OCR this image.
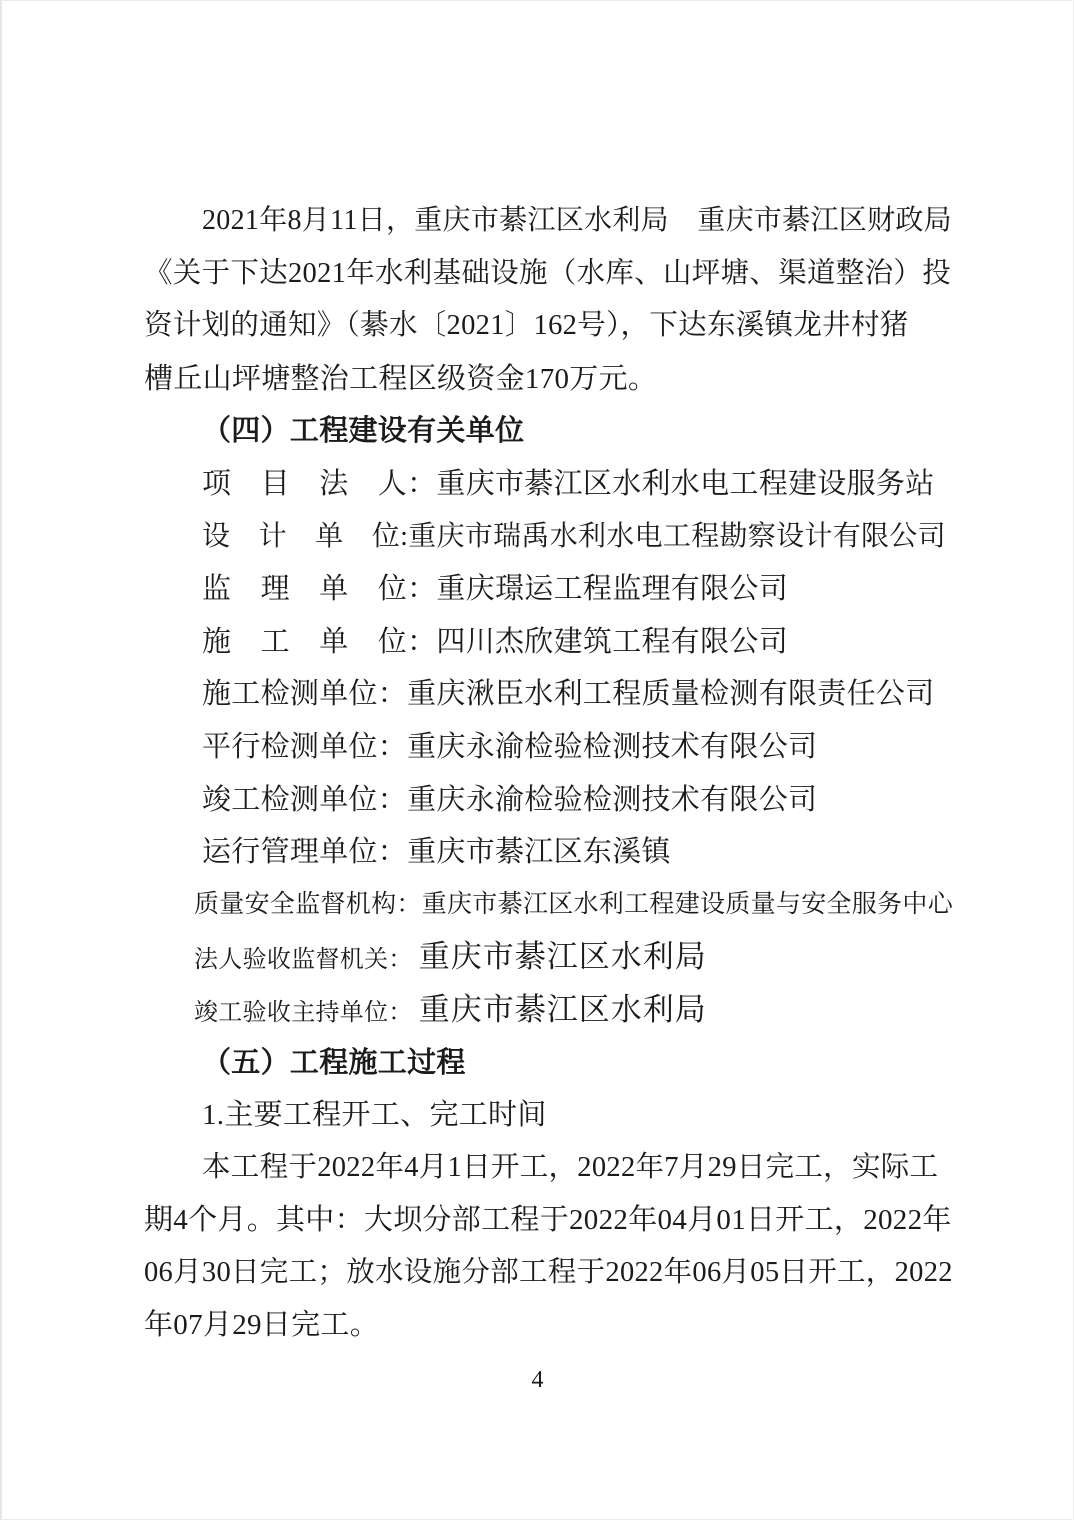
2021年8月11日，重庆市綦江区水利局　重庆市綦江区财政局
《关于下达2021年水利基础设施（水库、山坪塘、渠道整治）投
资计划的通知》（綦水〔2021〕162号），下达东溪镇龙井村猪
槽丘山坪塘整治工程区级资金170万元。
（四）工程建设有关单位
项　目　法　人：重庆市綦江区水利水电工程建设服务站
设　计　单　位:重庆市瑞禹水利水电工程勘察设计有限公司
监　理　单　位：重庆璟运工程监理有限公司
施　工　单　位：四川杰欣建筑工程有限公司
施工检测单位：重庆湫臣水利工程质量检测有限责任公司
平行检测单位：重庆永渝检验检测技术有限公司
竣工检测单位：重庆永渝检验检测技术有限公司
运行管理单位：重庆市綦江区东溪镇
质量安全监督机构：重庆市綦江区水利工程建设质量与安全服务中心
法人验收监督机关： 重庆市綦江区水利局
竣工验收主持单位： 重庆市綦江区水利局
（五）工程施工过程
1.主要工程开工、完工时间
本工程于2022年4月1日开工，2022年7月29日完工，实际工
期4个月。其中：大坝分部工程于2022年04月01日开工，2022年
06月30日完工；放水设施分部工程于2022年06月05日开工，2022
年07月29日完工。
4
